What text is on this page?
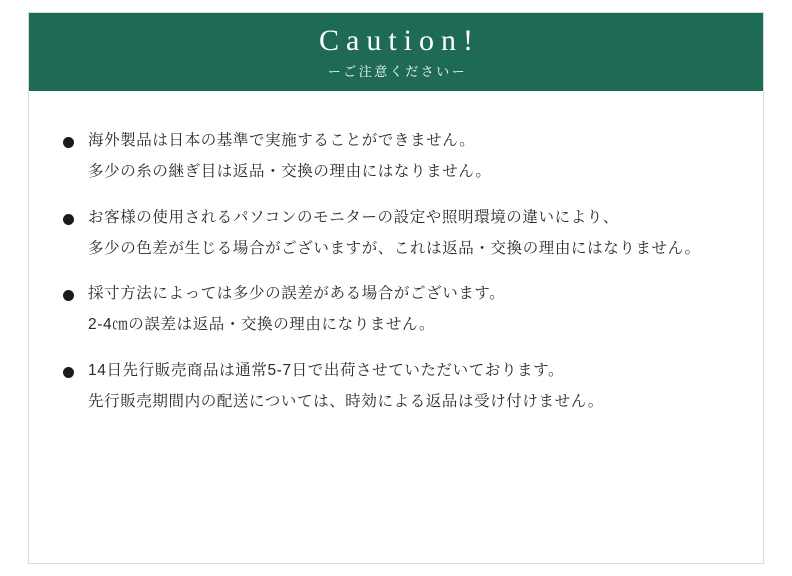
Caution!
ーご注意くださいー
海外製品は日本の基準で実施することができません。
多少の糸の継ぎ目は返品・交換の理由にはなりません。
お客様の使用されるパソコンのモニターの設定や照明環境の違いにより、
多少の色差が生じる場合がございますが、これは返品・交換の理由にはなりません。
採寸方法によっては多少の誤差がある場合がございます。
2-4㎝の誤差は返品・交換の理由になりません。
14日先行販売商品は通常5-7日で出荷させていただいております。
先行販売期間内の配送については、時効による返品は受け付けません。
